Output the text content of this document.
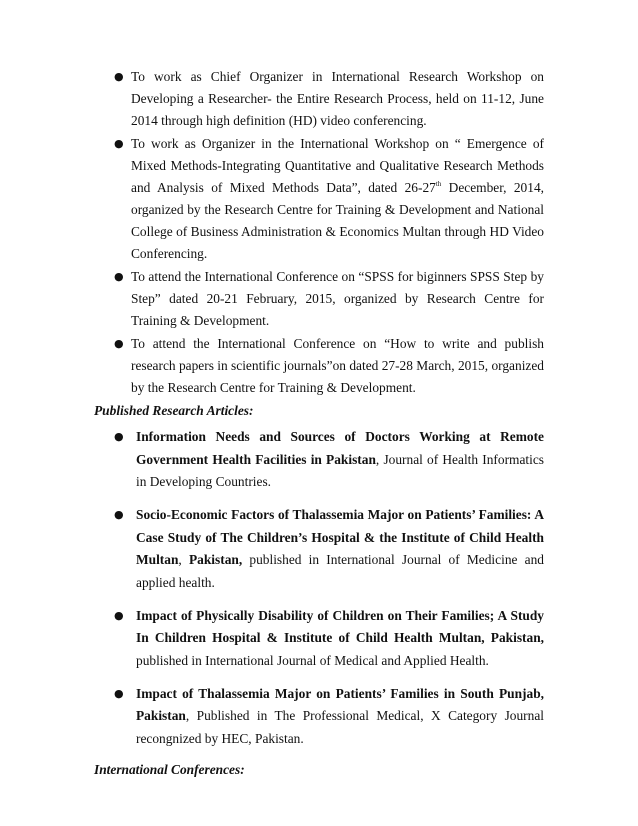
● To work as Chief Organizer in International Research Workshop on Developing a Researcher- the Entire Research Process, held on 11-12, June 2014 through high definition (HD) video conferencing.
● To work as Organizer in the International Workshop on “ Emergence of Mixed Methods-Integrating Quantitative and Qualitative Research Methods and Analysis of Mixed Methods Data”, dated 26-27th December, 2014, organized by the Research Centre for Training & Development and National College of Business Administration & Economics Multan through HD Video Conferencing.
● To attend the International Conference on “SPSS for biginners SPSS Step by Step” dated 20-21 February, 2015, organized by Research Centre for Training & Development.
● To attend the International Conference on “How to write and publish research papers in scientific journals”on dated 27-28 March, 2015, organized by the Research Centre for Training & Development.
Published Research Articles:
● Information Needs and Sources of Doctors Working at Remote Government Health Facilities in Pakistan, Journal of Health Informatics in Developing Countries.
● Socio-Economic Factors of Thalassemia Major on Patients’ Families: A Case Study of The Children’s Hospital & the Institute of Child Health Multan, Pakistan, published in International Journal of Medicine and applied health.
● Impact of Physically Disability of Children on Their Families; A Study In Children Hospital & Institute of Child Health Multan, Pakistan, published in International Journal of Medical and Applied Health.
● Impact of Thalassemia Major on Patients’ Families in South Punjab, Pakistan, Published in The Professional Medical, X Category Journal recongnized by HEC, Pakistan.
International Conferences:
